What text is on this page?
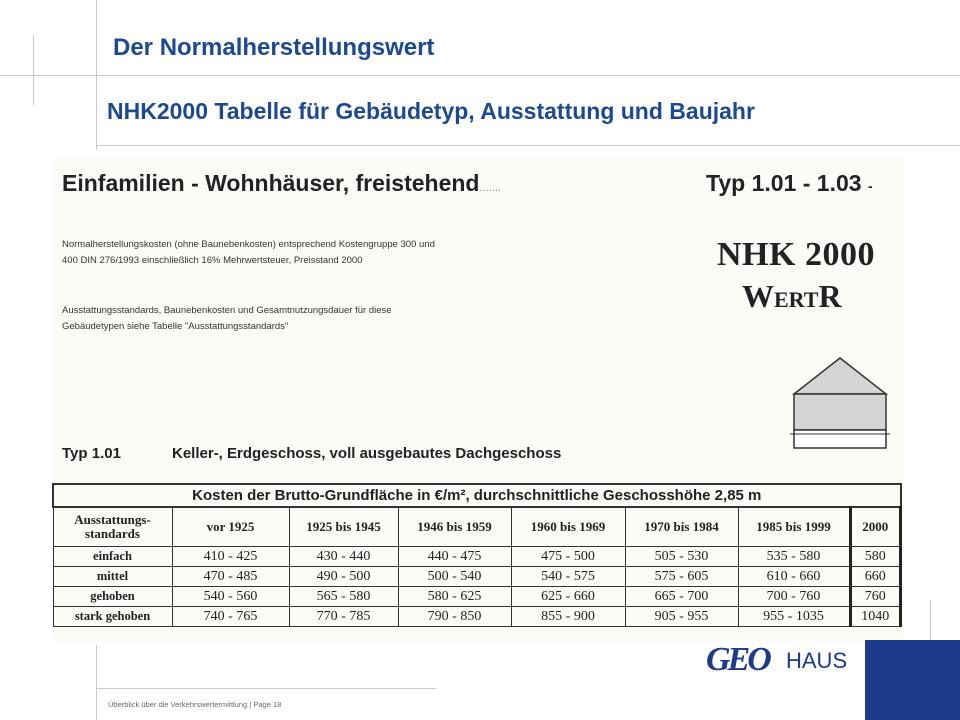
Der Normalherstellungswert
NHK2000 Tabelle für Gebäudetyp, Ausstattung und Baujahr
Einfamilien - Wohnhäuser, freistehend.......	Typ 1.01 - 1.03 -
Normalherstellungskosten (ohne Baunebenkosten) entsprechend Kostengruppe 300 und
400 DIN 276/1993 einschließlich 16% Mehrwertsteuer, Preisstand 2000
Ausstattungsstandards, Baunebenkosten und Gesamtnutzungsdauer für diese
Gebäudetypen siehe Tabelle "Ausstattungsstandards"
NHK 2000
WERTR
Typ 1.01	Keller-, Erdgeschoss, voll ausgebautes Dachgeschoss
Kosten der Brutto-Grundfläche in €/m², durchschnittliche Geschosshöhe 2,85 m							

Ausstattungs-
standards	vor 1925	1925 bis 1945	1946 bis 1959	1960 bis 1969	1970 bis 1984	1985 bis 1999	2000
einfach	410 - 425	430 - 440	440 - 475	475 - 500	505 - 530	535 - 580	580
mittel	470 - 485	490 - 500	500 - 540	540 - 575	575 - 605	610 - 660	660
gehoben	540 - 560	565 - 580	580 - 625	625 - 660	665 - 700	700 - 760	760
stark gehoben	740 - 765	770 - 785	790 - 850	855 - 900	905 - 955	955 - 1035	1040
Überblick über die Verkehrswertermittlung | Page 18
GEO HAUS
